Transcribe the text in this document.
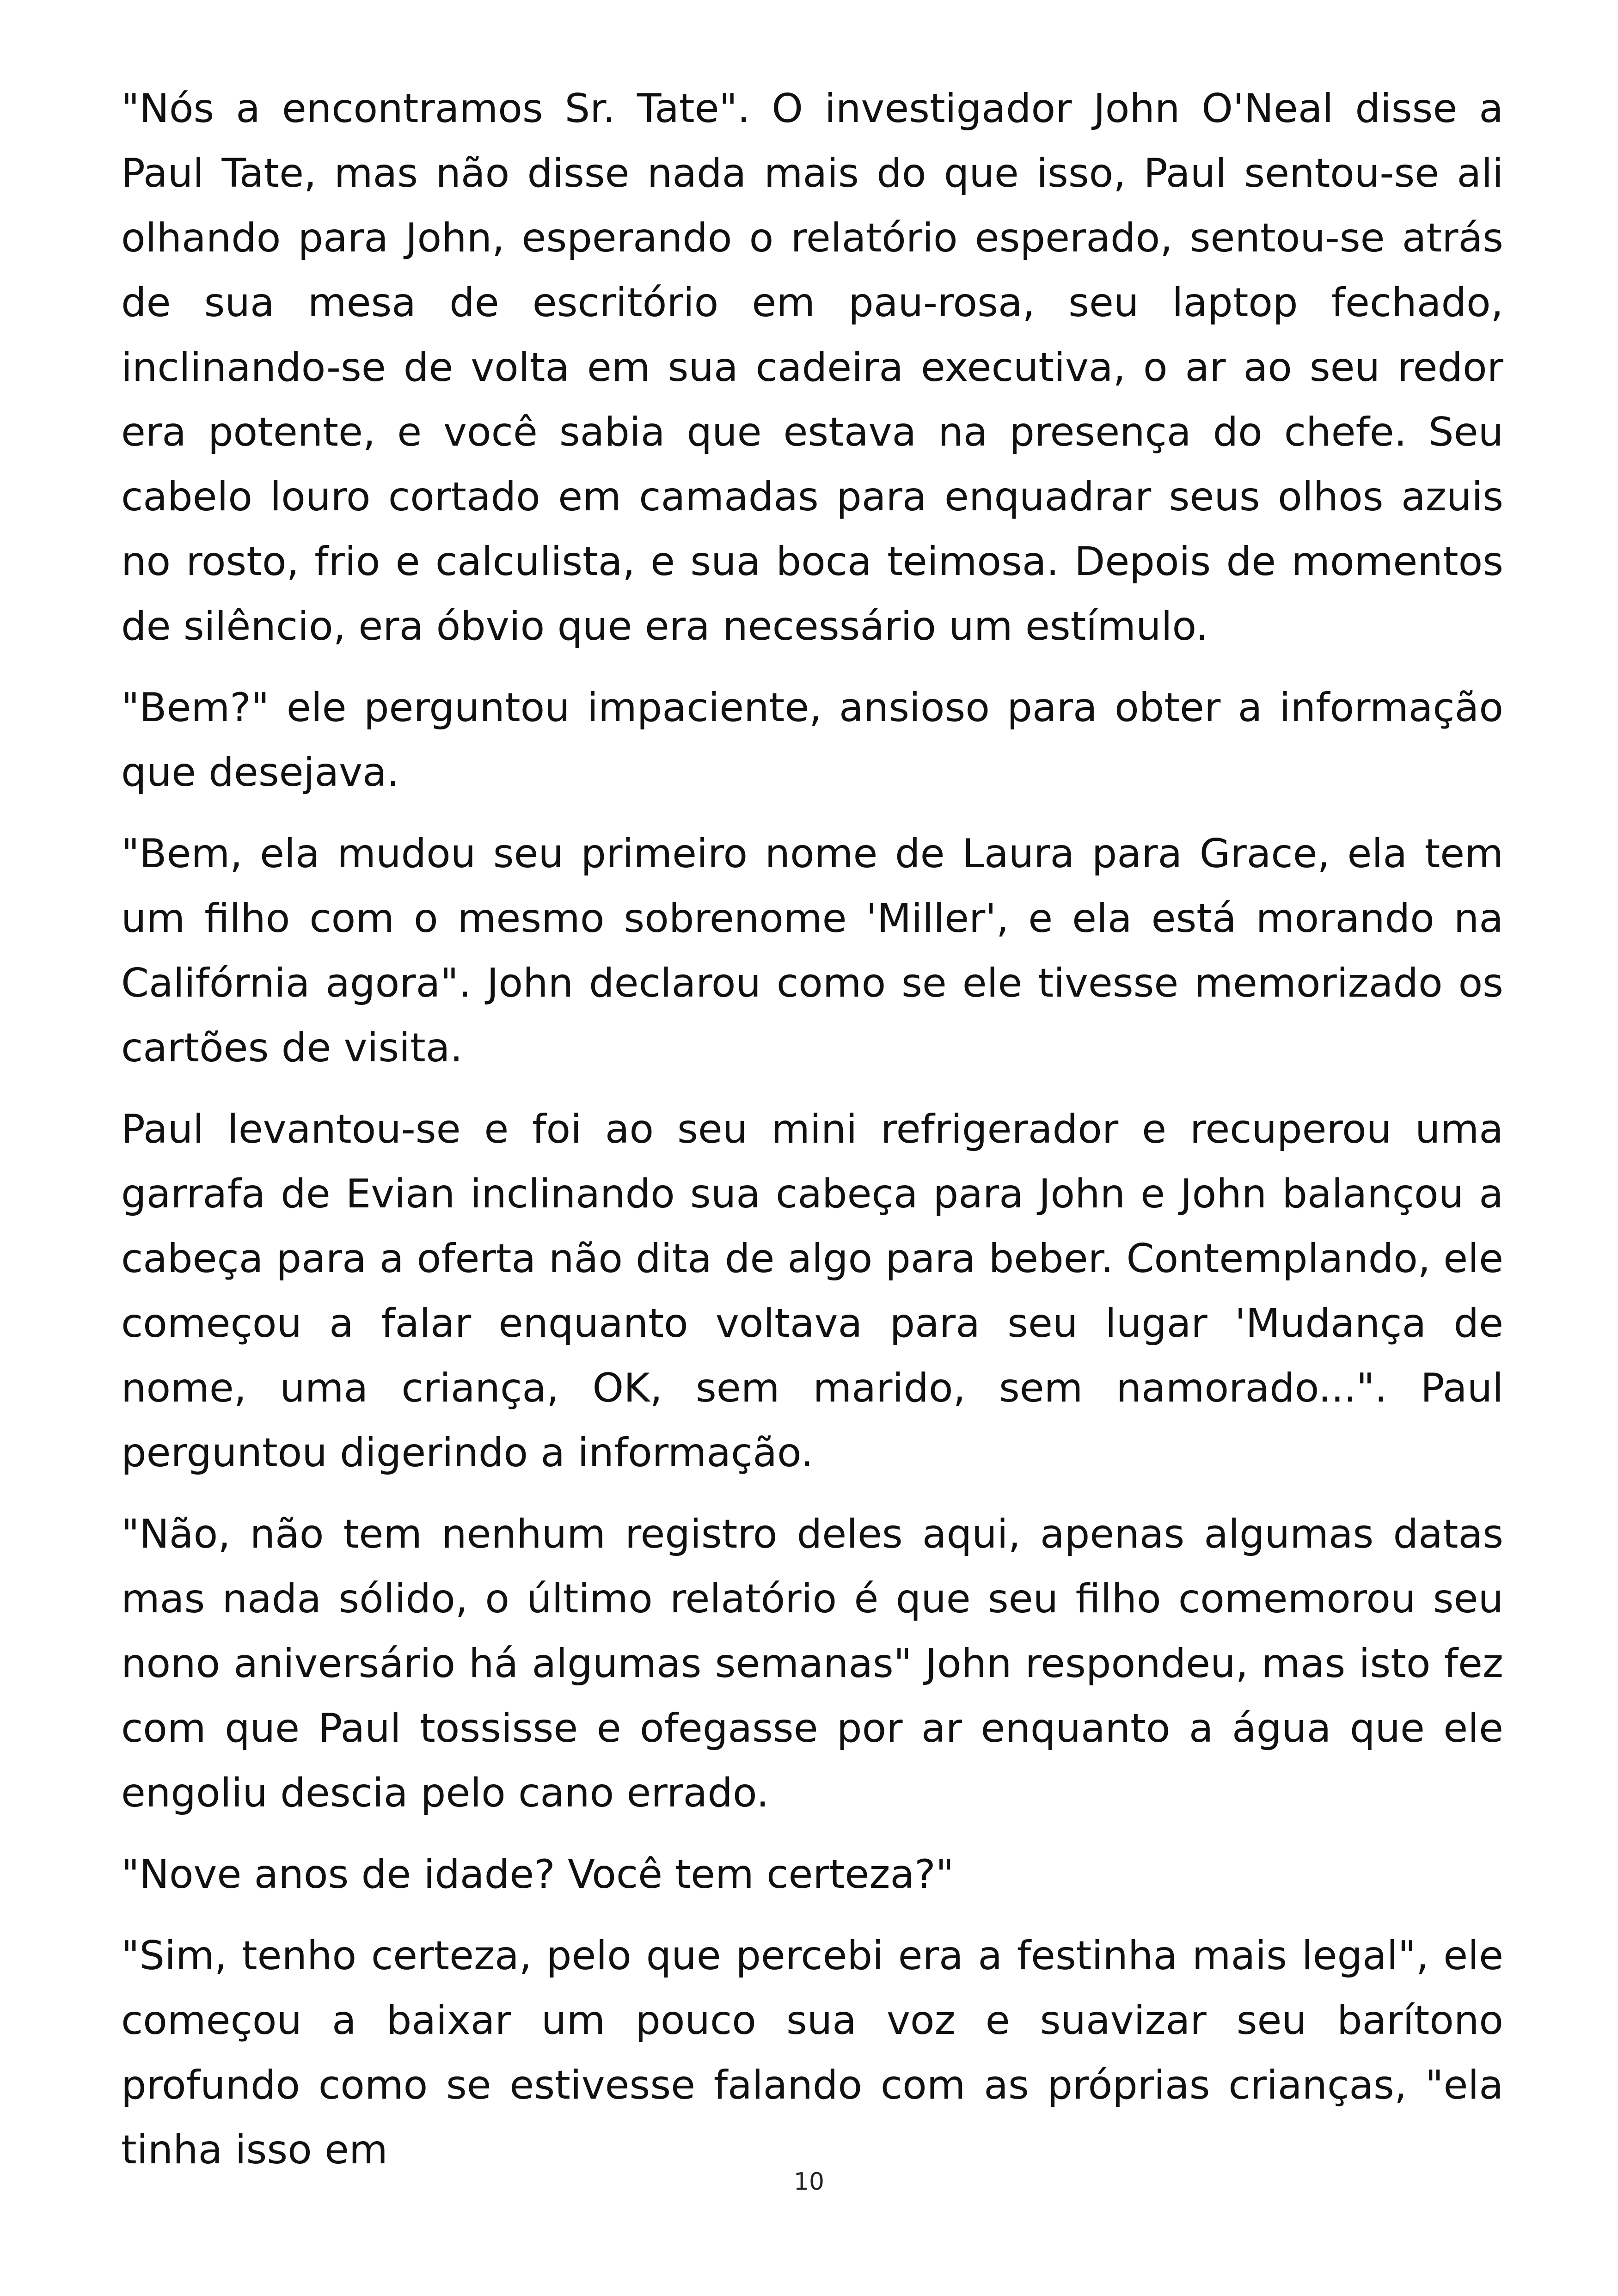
"Nós a encontramos Sr. Tate". O investigador John O'Neal disse a Paul Tate, mas não disse nada mais do que isso, Paul sentou-se ali olhando para John, esperando o relatório esperado, sentou-se atrás de sua mesa de escritório em pau-rosa, seu laptop fechado, inclinando-se de volta em sua cadeira executiva, o ar ao seu redor era potente, e você sabia que estava na presença do chefe. Seu cabelo louro cortado em camadas para enquadrar seus olhos azuis no rosto, frio e calculista, e sua boca teimosa. Depois de momentos de silêncio, era óbvio que era necessário um estímulo.

"Bem?" ele perguntou impaciente, ansioso para obter a informação que desejava.

"Bem, ela mudou seu primeiro nome de Laura para Grace, ela tem um filho com o mesmo sobrenome 'Miller', e ela está morando na Califórnia agora". John declarou como se ele tivesse memorizado os cartões de visita.

Paul levantou-se e foi ao seu mini refrigerador e recuperou uma garrafa de Evian inclinando sua cabeça para John e John balançou a cabeça para a oferta não dita de algo para beber. Contemplando, ele começou a falar enquanto voltava para seu lugar 'Mudança de nome, uma criança, OK, sem marido, sem namorado...". Paul perguntou digerindo a informação.

"Não, não tem nenhum registro deles aqui, apenas algumas datas mas nada sólido, o último relatório é que seu filho comemorou seu nono aniversário há algumas semanas" John respondeu, mas isto fez com que Paul tossisse e ofegasse por ar enquanto a água que ele engoliu descia pelo cano errado.

"Nove anos de idade? Você tem certeza?"

"Sim, tenho certeza, pelo que percebi era a festinha mais legal", ele começou a baixar um pouco sua voz e suavizar seu barítono profundo como se estivesse falando com as próprias crianças, "ela tinha isso em

10
